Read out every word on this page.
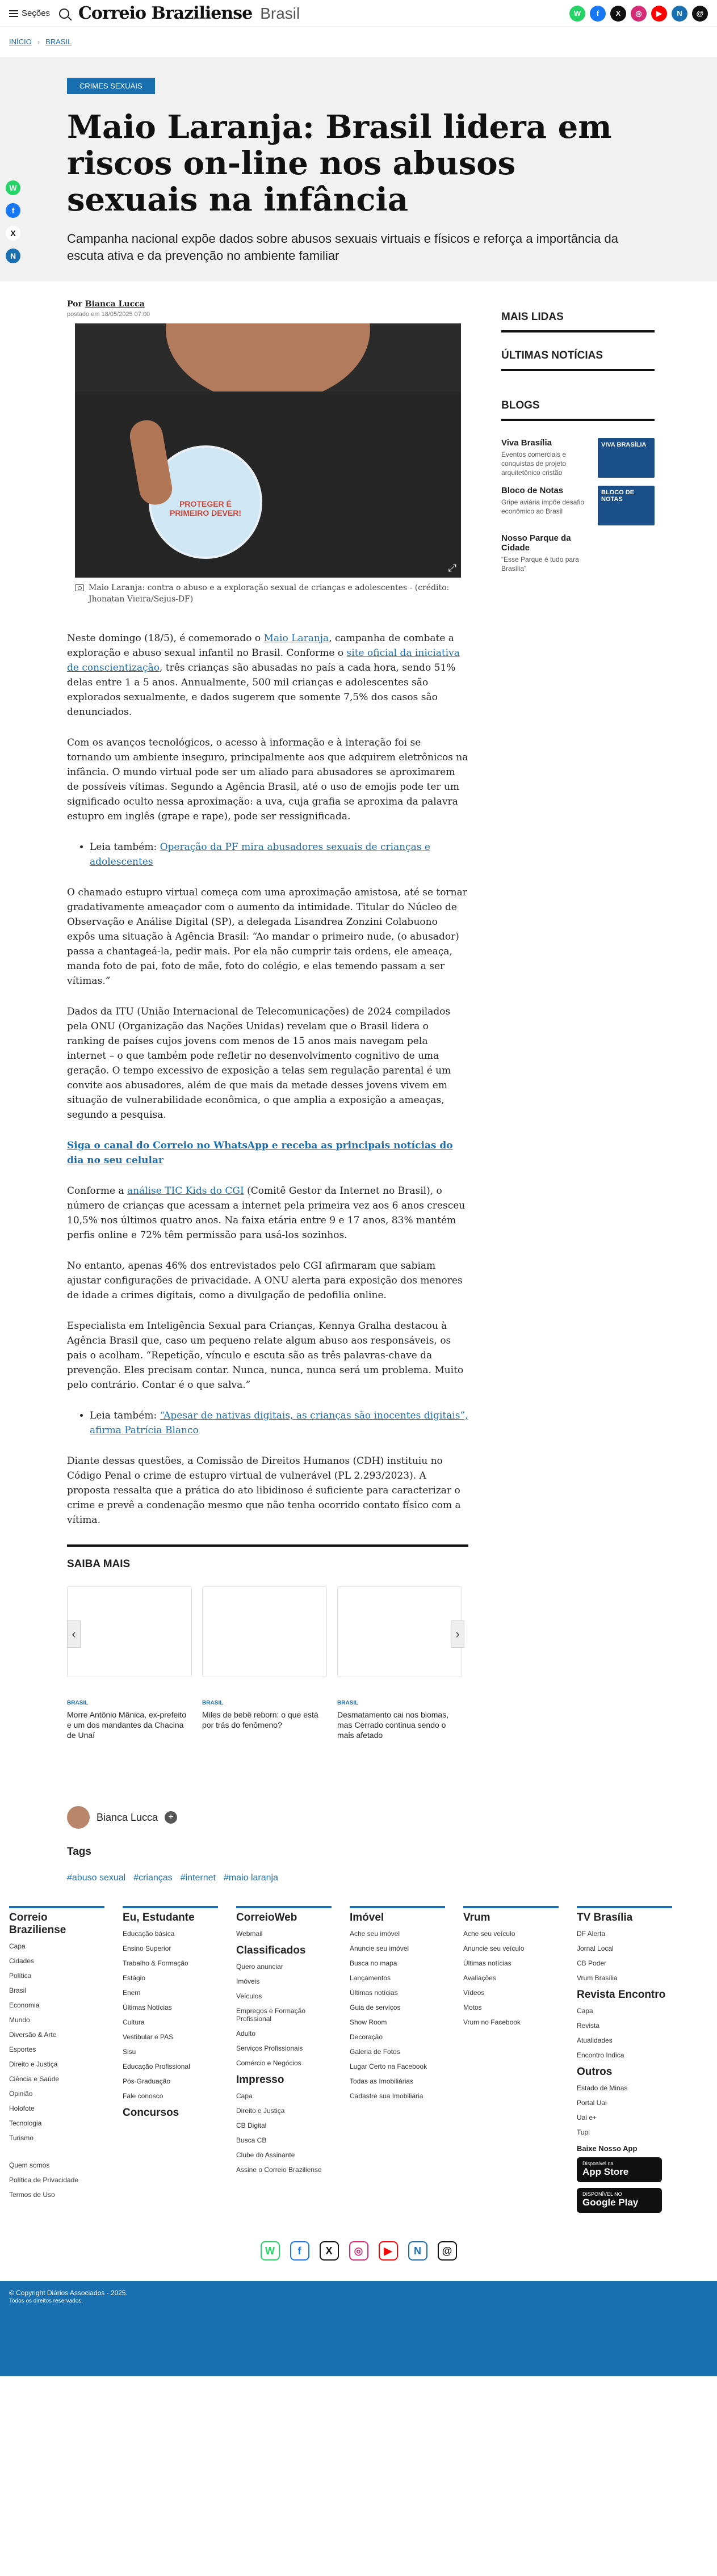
Seções Correio Braziliense Brasil	W	f	X	◎	▶	N	@
INÍCIO › BRASIL
W
f
X
N
CRIMES SEXUAIS
Maio Laranja: Brasil lidera em riscos on-line nos abusos sexuais na infância

Campanha nacional expõe dados sobre abusos sexuais virtuais e físicos e reforça a importância da escuta ativa e da prevenção no ambiente familiar

Por Bianca Lucca
postado em 18/05/2025 07:00
PROTEGER É PRIMEIRO DEVER!
⤢
Maio Laranja: contra o abuso e a exploração sexual de crianças e adolescentes - (crédito: Jhonatan Vieira/Sejus-DF)

Neste domingo (18/5), é comemorado o Maio Laranja, campanha de combate a exploração e abuso sexual infantil no Brasil. Conforme o site oficial da iniciativa de conscientização, três crianças são abusadas no país a cada hora, sendo 51% delas entre 1 a 5 anos. Annualmente, 500 mil crianças e adolescentes são explorados sexualmente, e dados sugerem que somente 7,5% dos casos são denunciados.

Com os avanços tecnológicos, o acesso à informação e à interação foi se tornando um ambiente inseguro, principalmente aos que adquirem eletrônicos na infância. O mundo virtual pode ser um aliado para abusadores se aproximarem de possíveis vítimas. Segundo a Agência Brasil, até o uso de emojis pode ter um significado oculto nessa aproximação: a uva, cuja grafia se aproxima da palavra estupro em inglês (grape e rape), pode ser ressignificada.

• Leia também: Operação da PF mira abusadores sexuais de crianças e adolescentes

O chamado estupro virtual começa com uma aproximação amistosa, até se tornar gradativamente ameaçador com o aumento da intimidade. Titular do Núcleo de Observação e Análise Digital (SP), a delegada Lisandrea Zonzini Colabuono expôs uma situação à Agência Brasil: “Ao mandar o primeiro nude, (o abusador) passa a chantageá-la, pedir mais. Por ela não cumprir tais ordens, ele ameaça, manda foto de pai, foto de mãe, foto do colégio, e elas temendo passam a ser vítimas.”

Dados da ITU (União Internacional de Telecomunicações) de 2024 compilados pela ONU (Organização das Nações Unidas) revelam que o Brasil lidera o ranking de países cujos jovens com menos de 15 anos mais navegam pela internet – o que também pode refletir no desenvolvimento cognitivo de uma geração. O tempo excessivo de exposição a telas sem regulação parental é um convite aos abusadores, além de que mais da metade desses jovens vivem em situação de vulnerabilidade econômica, o que amplia a exposição a ameaças, segundo a pesquisa.

Siga o canal do Correio no WhatsApp e receba as principais notícias do dia no seu celular

Conforme a análise TIC Kids do CGI (Comitê Gestor da Internet no Brasil), o número de crianças que acessam a internet pela primeira vez aos 6 anos cresceu 10,5% nos últimos quatro anos. Na faixa etária entre 9 e 17 anos, 83% mantém perfis online e 72% têm permissão para usá-los sozinhos.

No entanto, apenas 46% dos entrevistados pelo CGI afirmaram que sabiam ajustar configurações de privacidade. A ONU alerta para exposição dos menores de idade a crimes digitais, como a divulgação de pedofilia online.

Especialista em Inteligência Sexual para Crianças, Kennya Gralha destacou à Agência Brasil que, caso um pequeno relate algum abuso aos responsáveis, os pais o acolham. “Repetição, vínculo e escuta são as três palavras-chave da prevenção. Eles precisam contar. Nunca, nunca, nunca será um problema. Muito pelo contrário. Contar é o que salva.”

• Leia também: “Apesar de nativas digitais, as crianças são inocentes digitais”, afirma Patrícia Blanco

Diante dessas questões, a Comissão de Direitos Humanos (CDH) instituiu no Código Penal o crime de estupro virtual de vulnerável (PL 2.293/2023). A proposta ressalta que a prática do ato libidinoso é suficiente para caracterizar o crime e prevê a condenação mesmo que não tenha ocorrido contato físico com a vítima.

SAIBA MAIS
‹
BRASIL
Morre Antônio Mânica, ex-prefeito e um dos mandantes da Chacina de Unaí
BRASIL
Miles de bebê reborn: o que está por trás do fenômeno?
BRASIL
Desmatamento cai nos biomas, mas Cerrado continua sendo o mais afetado
›
Bianca Lucca	+
Tags
#abuso sexual #crianças #internet #maio laranja
MAIS LIDAS
ÚLTIMAS NOTÍCIAS
BLOGS
Viva Brasília
Eventos comerciais e conquistas de projeto arquitetônico cristão
VIVA BRASÍLIA
Bloco de Notas
Gripe aviária impõe desafio econômico ao Brasil
BLOCO DE NOTAS
Nosso Parque da Cidade
“Esse Parque é tudo para Brasília”
Correio Braziliense
Capa
Cidades
Política
Brasil
Economia
Mundo
Diversão & Arte
Esportes
Direito e Justiça
Ciência e Saúde
Opinião
Holofote
Tecnologia
Turismo
Quem somos
Política de Privacidade
Termos de Uso
Eu, Estudante
Educação básica
Ensino Superior
Trabalho & Formação
Estágio
Enem
Últimas Notícias
Cultura
Vestibular e PAS
Sisu
Educação Profissional
Pós-Graduação
Fale conosco
Concursos
CorreioWeb
Webmail
Classificados
Quero anunciar
Imóveis
Veículos
Empregos e Formação Profissional
Adulto
Serviços Profissionais
Comércio e Negócios
Impresso
Capa
Direito e Justiça
CB Digital
Busca CB
Clube do Assinante
Assine o Correio Braziliense
Imóvel
Ache seu imóvel
Anuncie seu imóvel
Busca no mapa
Lançamentos
Últimas notícias
Guia de serviços
Show Room
Decoração
Galeria de Fotos
Lugar Certo na Facebook
Todas as Imobiliárias
Cadastre sua Imobiliária
Vrum
Ache seu veículo
Anuncie seu veículo
Últimas notícias
Avaliações
Vídeos
Motos
Vrum no Facebook
TV Brasília
DF Alerta
Jornal Local
CB Poder
Vrum Brasília
Revista Encontro
Capa
Revista
Atualidades
Encontro Indica
Outros
Estado de Minas
Portal Uai
Uai e+
Tupi
Baixe Nosso App
Disponível na
App Store
DISPONÍVEL NO
Google Play
W	f	X	◎	▶	N	@
© Copyright Diários Associados - 2025.
Todos os direitos reservados.
